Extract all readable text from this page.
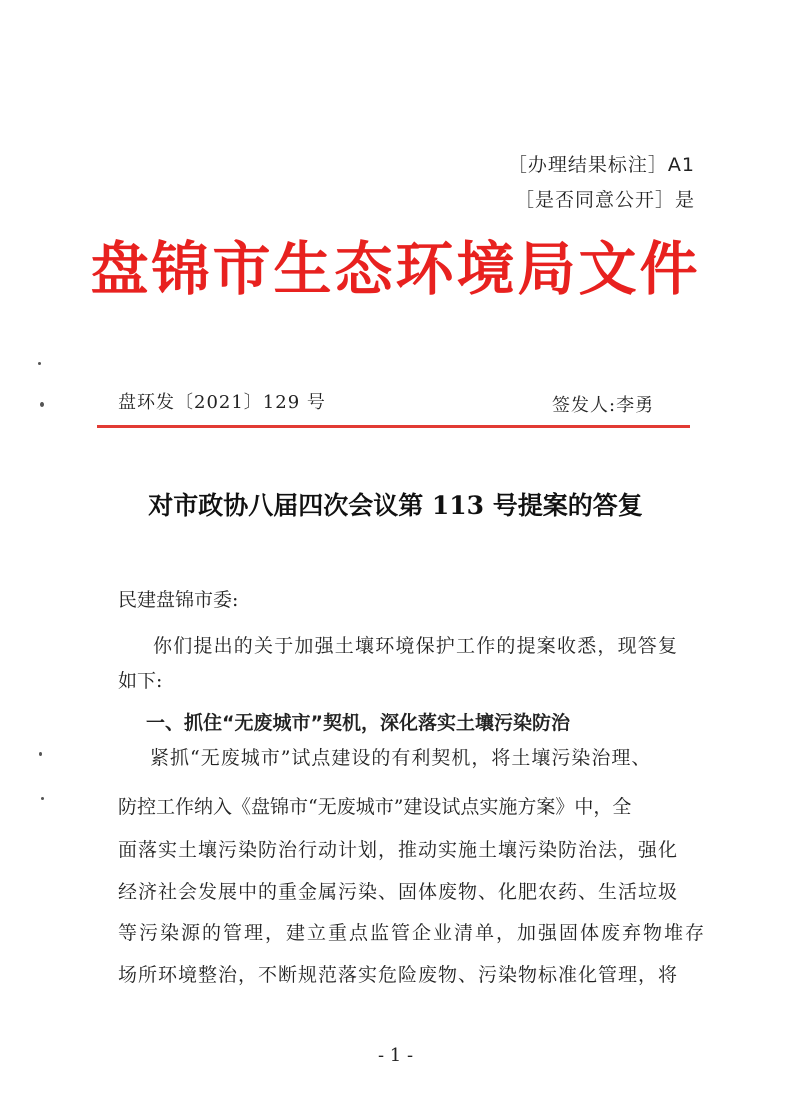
［办理结果标注］A1
［是否同意公开］是
盘锦市生态环境局文件
盘环发〔2021〕129 号	签发人:李勇
对市政协八届四次会议第 113 号提案的答复
民建盘锦市委:
你们提出的关于加强土壤环境保护工作的提案收悉，现答复
如下:
一、抓住“无废城市”契机，深化落实土壤污染防治
紧抓“无废城市”试点建设的有利契机，将土壤污染治理、
防控工作纳入《盘锦市“无废城市”建设试点实施方案》中，全
面落实土壤污染防治行动计划，推动实施土壤污染防治法，强化
经济社会发展中的重金属污染、固体废物、化肥农药、生活垃圾
等污染源的管理，建立重点监管企业清单，加强固体废弃物堆存
场所环境整治，不断规范落实危险废物、污染物标准化管理，将
- 1 -
